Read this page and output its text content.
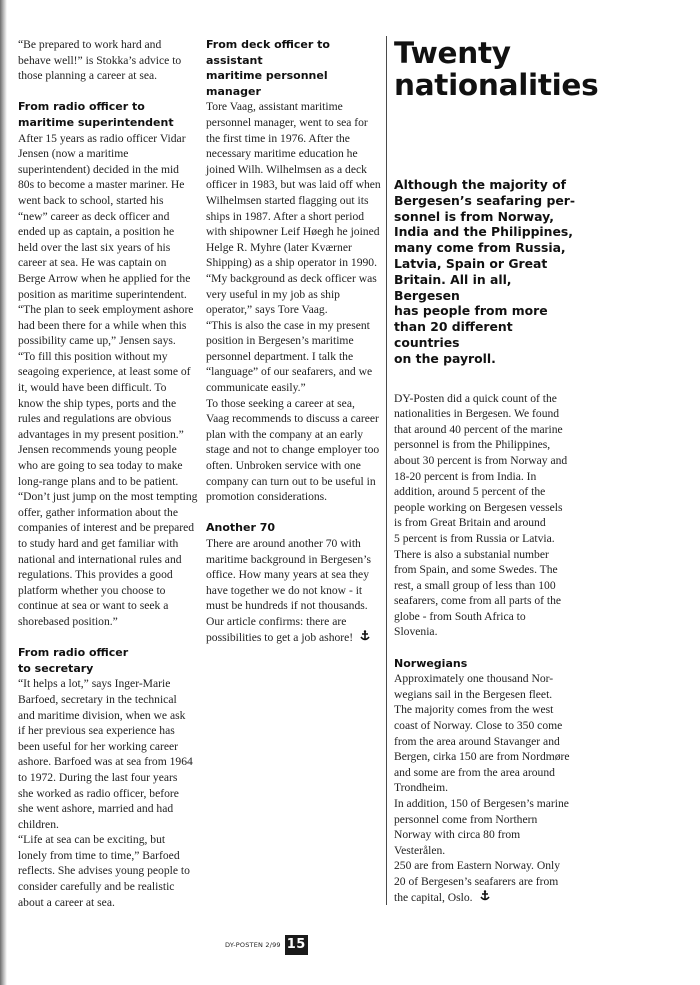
“Be prepared to work hard and
behave well!” is Stokka’s advice to
those planning a career at sea.

From radio officer to
maritime superintendent

After 15 years as radio officer Vidar
Jensen (now a maritime
superintendent) decided in the mid
80s to become a master mariner. He
went back to school, started his
“new” career as deck officer and
ended up as captain, a position he
held over the last six years of his
career at sea. He was captain on
Berge Arrow when he applied for the
position as maritime superintendent.
“The plan to seek employment ashore
had been there for a while when this
possibility came up,” Jensen says.
“To fill this position without my
seagoing experience, at least some of
it, would have been difficult. To
know the ship types, ports and the
rules and regulations are obvious
advantages in my present position.”
Jensen recommends young people
who are going to sea today to make
long-range plans and to be patient.
“Don’t just jump on the most tempting
offer, gather information about the
companies of interest and be prepared
to study hard and get familiar with
national and international rules and
regulations. This provides a good
platform whether you choose to
continue at sea or want to seek a
shorebased position.”

From radio officer
to secretary

“It helps a lot,” says Inger-Marie
Barfoed, secretary in the technical
and maritime division, when we ask
if her previous sea experience has
been useful for her working career
ashore. Barfoed was at sea from 1964
to 1972. During the last four years
she worked as radio officer, before
she went ashore, married and had
children.
“Life at sea can be exciting, but
lonely from time to time,” Barfoed
reflects. She advises young people to
consider carefully and be realistic
about a career at sea.

From deck officer to assistant
maritime personnel manager

Tore Vaag, assistant maritime
personnel manager, went to sea for
the first time in 1976. After the
necessary maritime education he
joined Wilh. Wilhelmsen as a deck
officer in 1983, but was laid off when
Wilhelmsen started flagging out its
ships in 1987. After a short period
with shipowner Leif Høegh he joined
Helge R. Myhre (later Kværner
Shipping) as a ship operator in 1990.
“My background as deck officer was
very useful in my job as ship
operator,” says Tore Vaag.
“This is also the case in my present
position in Bergesen’s maritime
personnel department. I talk the
“language” of our seafarers, and we
communicate easily.”
To those seeking a career at sea,
Vaag recommends to discuss a career
plan with the company at an early
stage and not to change employer too
often. Unbroken service with one
company can turn out to be useful in
promotion considerations.

Another 70

There are around another 70 with
maritime background in Bergesen’s
office. How many years at sea they
have together we do not know - it
must be hundreds if not thousands.
Our article confirms: there are
possibilities to get a job ashore!

Twenty
nationalities

Although the majority of
Bergesen’s seafaring per-
sonnel is from Norway,
India and the Philippines,
many come from Russia,
Latvia, Spain or Great
Britain. All in all, Bergesen
has people from more
than 20 different countries
on the payroll.

DY-Posten did a quick count of the
nationalities in Bergesen. We found
that around 40 percent of the marine
personnel is from the Philippines,
about 30 percent is from Norway and
18-20 percent is from India. In
addition, around 5 percent of the
people working on Bergesen vessels
is from Great Britain and around
5 percent is from Russia or Latvia.
There is also a substanial number
from Spain, and some Swedes. The
rest, a small group of less than 100
seafarers, come from all parts of the
globe - from South Africa to
Slovenia.

Norwegians

Approximately one thousand Nor-
wegians sail in the Bergesen fleet.
The majority comes from the west
coast of Norway. Close to 350 come
from the area around Stavanger and
Bergen, cirka 150 are from Nordmøre
and some are from the area around
Trondheim.
In addition, 150 of Bergesen’s marine
personnel come from Northern
Norway with circa 80 from
Vesterålen.
250 are from Eastern Norway. Only
20 of Bergesen’s seafarers are from
the capital, Oslo.

DY-POSTEN 2/99 15
